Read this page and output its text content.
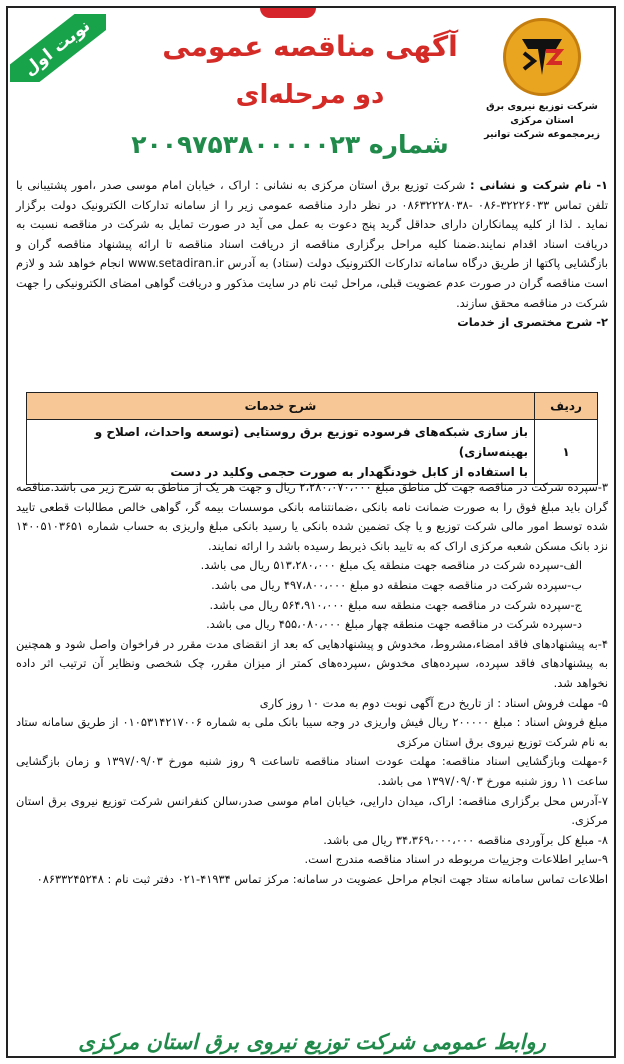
نوبت اول
شرکت توزیع نیروی برق استان مرکزی
زیرمجموعه شرکت توانیر
آگهی مناقصه عمومی
دو مرحله‌ای
شماره ۲۰۰۹۷۵۳۸۰۰۰۰۰۲۳

۱- نام شرکت و نشانی : شرکت توزیع برق استان مرکزی به نشانی : اراک ، خیابان امام موسی صدر ،امور پشتیبانی با تلفن تماس ۳۲۲۲۶۰۳۳-۰۸۶ -۰۸۶۳۲۲۲۸۰۳۸ در نظر دارد مناقصه عمومی زیر را از سامانه تدارکات الکترونیک دولت برگزار نماید . لذا از کلیه پیمانکاران دارای حداقل گرید پنج دعوت به عمل می آید در صورت تمایل به شرکت در مناقصه نسبت به دریافت اسناد اقدام نمایند.ضمنا کلیه مراحل برگزاری مناقصه از دریافت اسناد مناقصه تا ارائه پیشنهاد مناقصه گران و بازگشایی پاکتها از طریق درگاه سامانه تدارکات الکترونیک دولت (ستاد) به آدرس www.setadiran.ir انجام خواهد شد و لازم است مناقصه گران در صورت عدم عضویت قبلی، مراحل ثبت نام در سایت مذکور و دریافت گواهی امضای الکترونیکی را جهت شرکت در مناقصه محقق سازند.

۲- شرح مختصری از خدمات

ردیف	شرح خدمات
۱	باز سازی شبکه‌های فرسوده توزیع برق روستایی (توسعه واحداث، اصلاح و بهینه‌سازی)
با استفاده از کابل خودنگهدار به صورت حجمی وکلید در دست

۳-سپرده شرکت در مناقصه جهت کل مناطق مبلغ ۲،۲۸۰،۰۷۰،۰۰۰ ریال و جهت هر یک از مناطق به شرح زیر می باشد.مناقصه گران باید مبلغ فوق را به صورت ضمانت نامه بانکی ،ضمانتنامه بانکی موسسات بیمه گر، گواهی خالص مطالبات قطعی تایید شده توسط امور مالی شرکت توزیع و یا چک تضمین شده بانکی یا رسید بانکی مبلغ واریزی به حساب شماره ۱۴۰۰۵۱۰۳۶۵۱ نزد بانک مسکن شعبه مرکزی اراک که به تایید بانک ذیربط رسیده باشد را ارائه نمایند.

الف-سپرده شرکت در مناقصه جهت منطقه یک مبلغ ۵۱۳،۲۸۰،۰۰۰ ریال می باشد.

ب-سپرده شرکت در مناقصه جهت منطقه دو مبلغ ۴۹۷،۸۰۰،۰۰۰ ریال می باشد.

ج-سپرده شرکت در مناقصه جهت منطقه سه مبلغ ۵۶۴،۹۱۰،۰۰۰ ریال می باشد.

د-سپرده شرکت در مناقصه جهت منطقه چهار مبلغ ۴۵۵،۰۸۰،۰۰۰ ریال می باشد.

۴-به پیشنهادهای فاقد امضاء،مشروط، مخدوش و پیشنهادهایی که بعد از انقضای مدت مقرر در فراخوان واصل شود و همچنین به پیشنهادهای فاقد سپرده، سپرده‌های مخدوش ،سپرده‌های کمتر از میزان مقرر، چک شخصی ونظایر آن ترتیب اثر داده نخواهد شد.

۵- مهلت فروش اسناد : از تاریخ درج آگهی نوبت دوم به مدت ۱۰ روز کاری

مبلغ فروش اسناد : مبلغ ۲۰۰۰۰۰ ریال فیش واریزی در وجه سیبا بانک ملی به شماره ۰۱۰۵۳۱۴۲۱۷۰۰۶ از طریق سامانه ستاد به نام شرکت توزیع نیروی برق استان مرکزی

۶-مهلت وبازگشایی اسناد مناقصه: مهلت عودت اسناد مناقصه تاساعت ۹ روز شنبه مورخ ۱۳۹۷/۰۹/۰۳ و زمان بازگشایی ساعت ۱۱ روز شنبه مورخ ۱۳۹۷/۰۹/۰۳ می باشد.

۷-آدرس محل برگزاری مناقصه: اراک، میدان دارایی، خیابان امام موسی صدر،سالن کنفرانس شرکت توزیع نیروی برق استان مرکزی.

۸- مبلغ کل برآوردی مناقصه ۳۴،۳۶۹،۰۰۰،۰۰۰ ریال می باشد.

۹-سایر اطلاعات وجزییات مربوطه در اسناد مناقصه مندرج است.

اطلاعات تماس سامانه ستاد جهت انجام مراحل عضویت در سامانه: مرکز تماس ۴۱۹۳۴-۰۲۱ دفتر ثبت نام : ۰۸۶۳۳۲۴۵۲۴۸

روابط عمومی شرکت توزیع نیروی برق استان مرکزی
